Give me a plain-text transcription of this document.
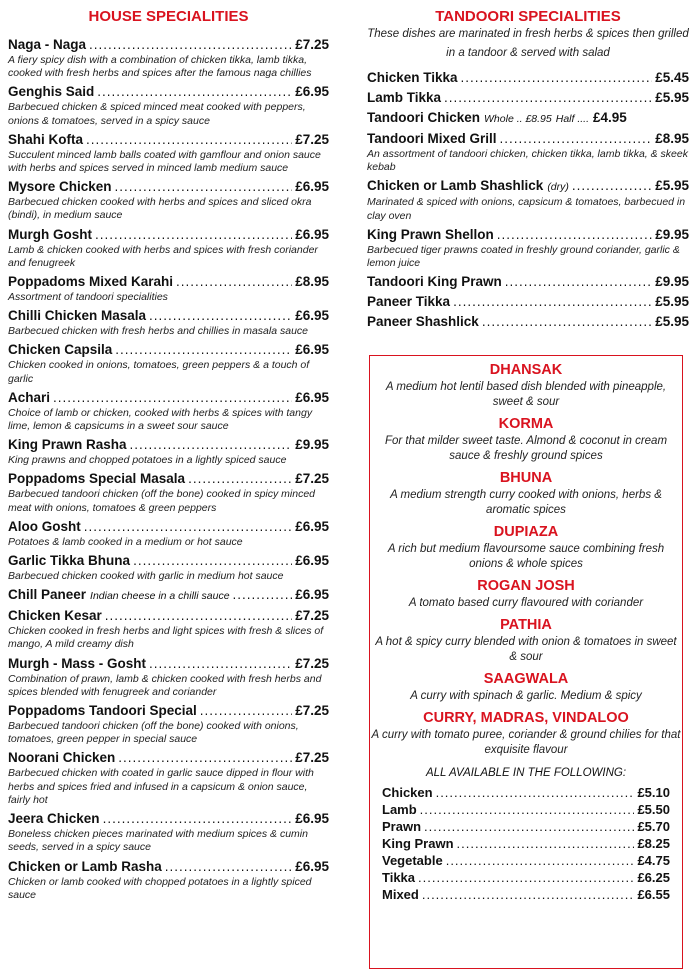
HOUSE SPECIALITIES
Naga - Naga .....	£7.25
A fiery spicy dish with a combination of chicken tikka, lamb tikka, cooked with fresh herbs and spices after the famous naga chillies
Genghis Said .....	£6.95
Barbecued chicken & spiced minced meat cooked with peppers, onions & tomatoes, served in a spicy sauce
Shahi Kofta .....	£7.25
Succulent minced lamb balls coated with gamflour and onion sauce with herbs and spices served in minced lamb medium sauce
Mysore Chicken .....	£6.95
Barbecued chicken cooked with herbs and spices and sliced okra (bindi), in medium sauce
Murgh Gosht .....	£6.95
Lamb & chicken cooked with herbs and spices with fresh coriander and fenugreek
Poppadoms Mixed Karahi .....	£8.95
Assortment of tandoori specialities
Chilli Chicken Masala .....	£6.95
Barbecued chicken with fresh herbs and chillies in masala sauce
Chicken Capsila .....	£6.95
Chicken cooked in onions, tomatoes, green peppers & a touch of garlic
Achari .....	£6.95
Choice of lamb or chicken, cooked with herbs & spices with tangy lime, lemon & capsicums in a sweet sour sauce
King Prawn Rasha .....	£9.95
King prawns and chopped potatoes in a lightly spiced sauce
Poppadoms Special Masala .....	£7.25
Barbecued tandoori chicken (off the bone) cooked in spicy minced meat with onions, tomatoes & green peppers
Aloo Gosht .....	£6.95
Potatoes & lamb cooked in a medium or hot sauce
Garlic Tikka Bhuna .....	£6.95
Barbecued chicken cooked with garlic in medium hot sauce
Chill Paneer Indian cheese in a chilli sauce .....	£6.95
Chicken Kesar .....	£7.25
Chicken cooked in fresh herbs and light spices with fresh & slices of mango, A mild creamy dish
Murgh - Mass - Gosht .....	£7.25
Combination of prawn, lamb & chicken cooked with fresh herbs and spices blended with fenugreek and coriander
Poppadoms Tandoori Special .....	£7.25
Barbecued tandoori chicken (off the bone) cooked with onions, tomatoes, green pepper in special sauce
Noorani Chicken .....	£7.25
Barbecued chicken with coated in garlic sauce dipped in flour with herbs and spices fried and infused in a capsicum & onion sauce, fairly hot
Jeera Chicken .....	£6.95
Boneless chicken pieces marinated with medium spices & cumin seeds, served in a spicy sauce
Chicken or Lamb Rasha .....	£6.95
Chicken or lamb cooked with chopped potatoes in a lightly spiced sauce
TANDOORI SPECIALITIES
These dishes are marinated in fresh herbs & spices then grilled in a tandoor & served with salad
Chicken Tikka .....	£5.45
Lamb Tikka .....	£5.95
Tandoori Chicken Whole .. £8.95 Half .... £4.95
Tandoori Mixed Grill .....	£8.95
An assortment of tandoori chicken, chicken tikka, lamb tikka, & skeek kebab
Chicken or Lamb Shashlick (dry) .....	£5.95
Marinated & spiced with onions, capsicum & tomatoes, barbecued in clay oven
King Prawn Shellon .....	£9.95
Barbecued tiger prawns coated in freshly ground coriander, garlic & lemon juice
Tandoori King Prawn .....	£9.95
Paneer Tikka .....	£5.95
Paneer Shashlick .....	£5.95
DHANSAK

A medium hot lentil based dish blended with pineapple, sweet & sour

KORMA

For that milder sweet taste. Almond & coconut in cream sauce & freshly ground spices

BHUNA

A medium strength curry cooked with onions, herbs & aromatic spices

DUPIAZA

A rich but medium flavoursome sauce combining fresh onions & whole spices

ROGAN JOSH

A tomato based curry flavoured with coriander

PATHIA

A hot & spicy curry blended with onion & tomatoes in sweet & sour

SAAGWALA

A curry with spinach & garlic. Medium & spicy

CURRY, MADRAS, VINDALOO

A curry with tomato puree, coriander & ground chilies for that exquisite flavour

ALL AVAILABLE IN THE FOLLOWING:
Chicken .....	£5.10
Lamb .....	£5.50
Prawn .....	£5.70
King Prawn .....	£8.25
Vegetable .....	£4.75
Tikka .....	£6.25
Mixed .....	£6.55
